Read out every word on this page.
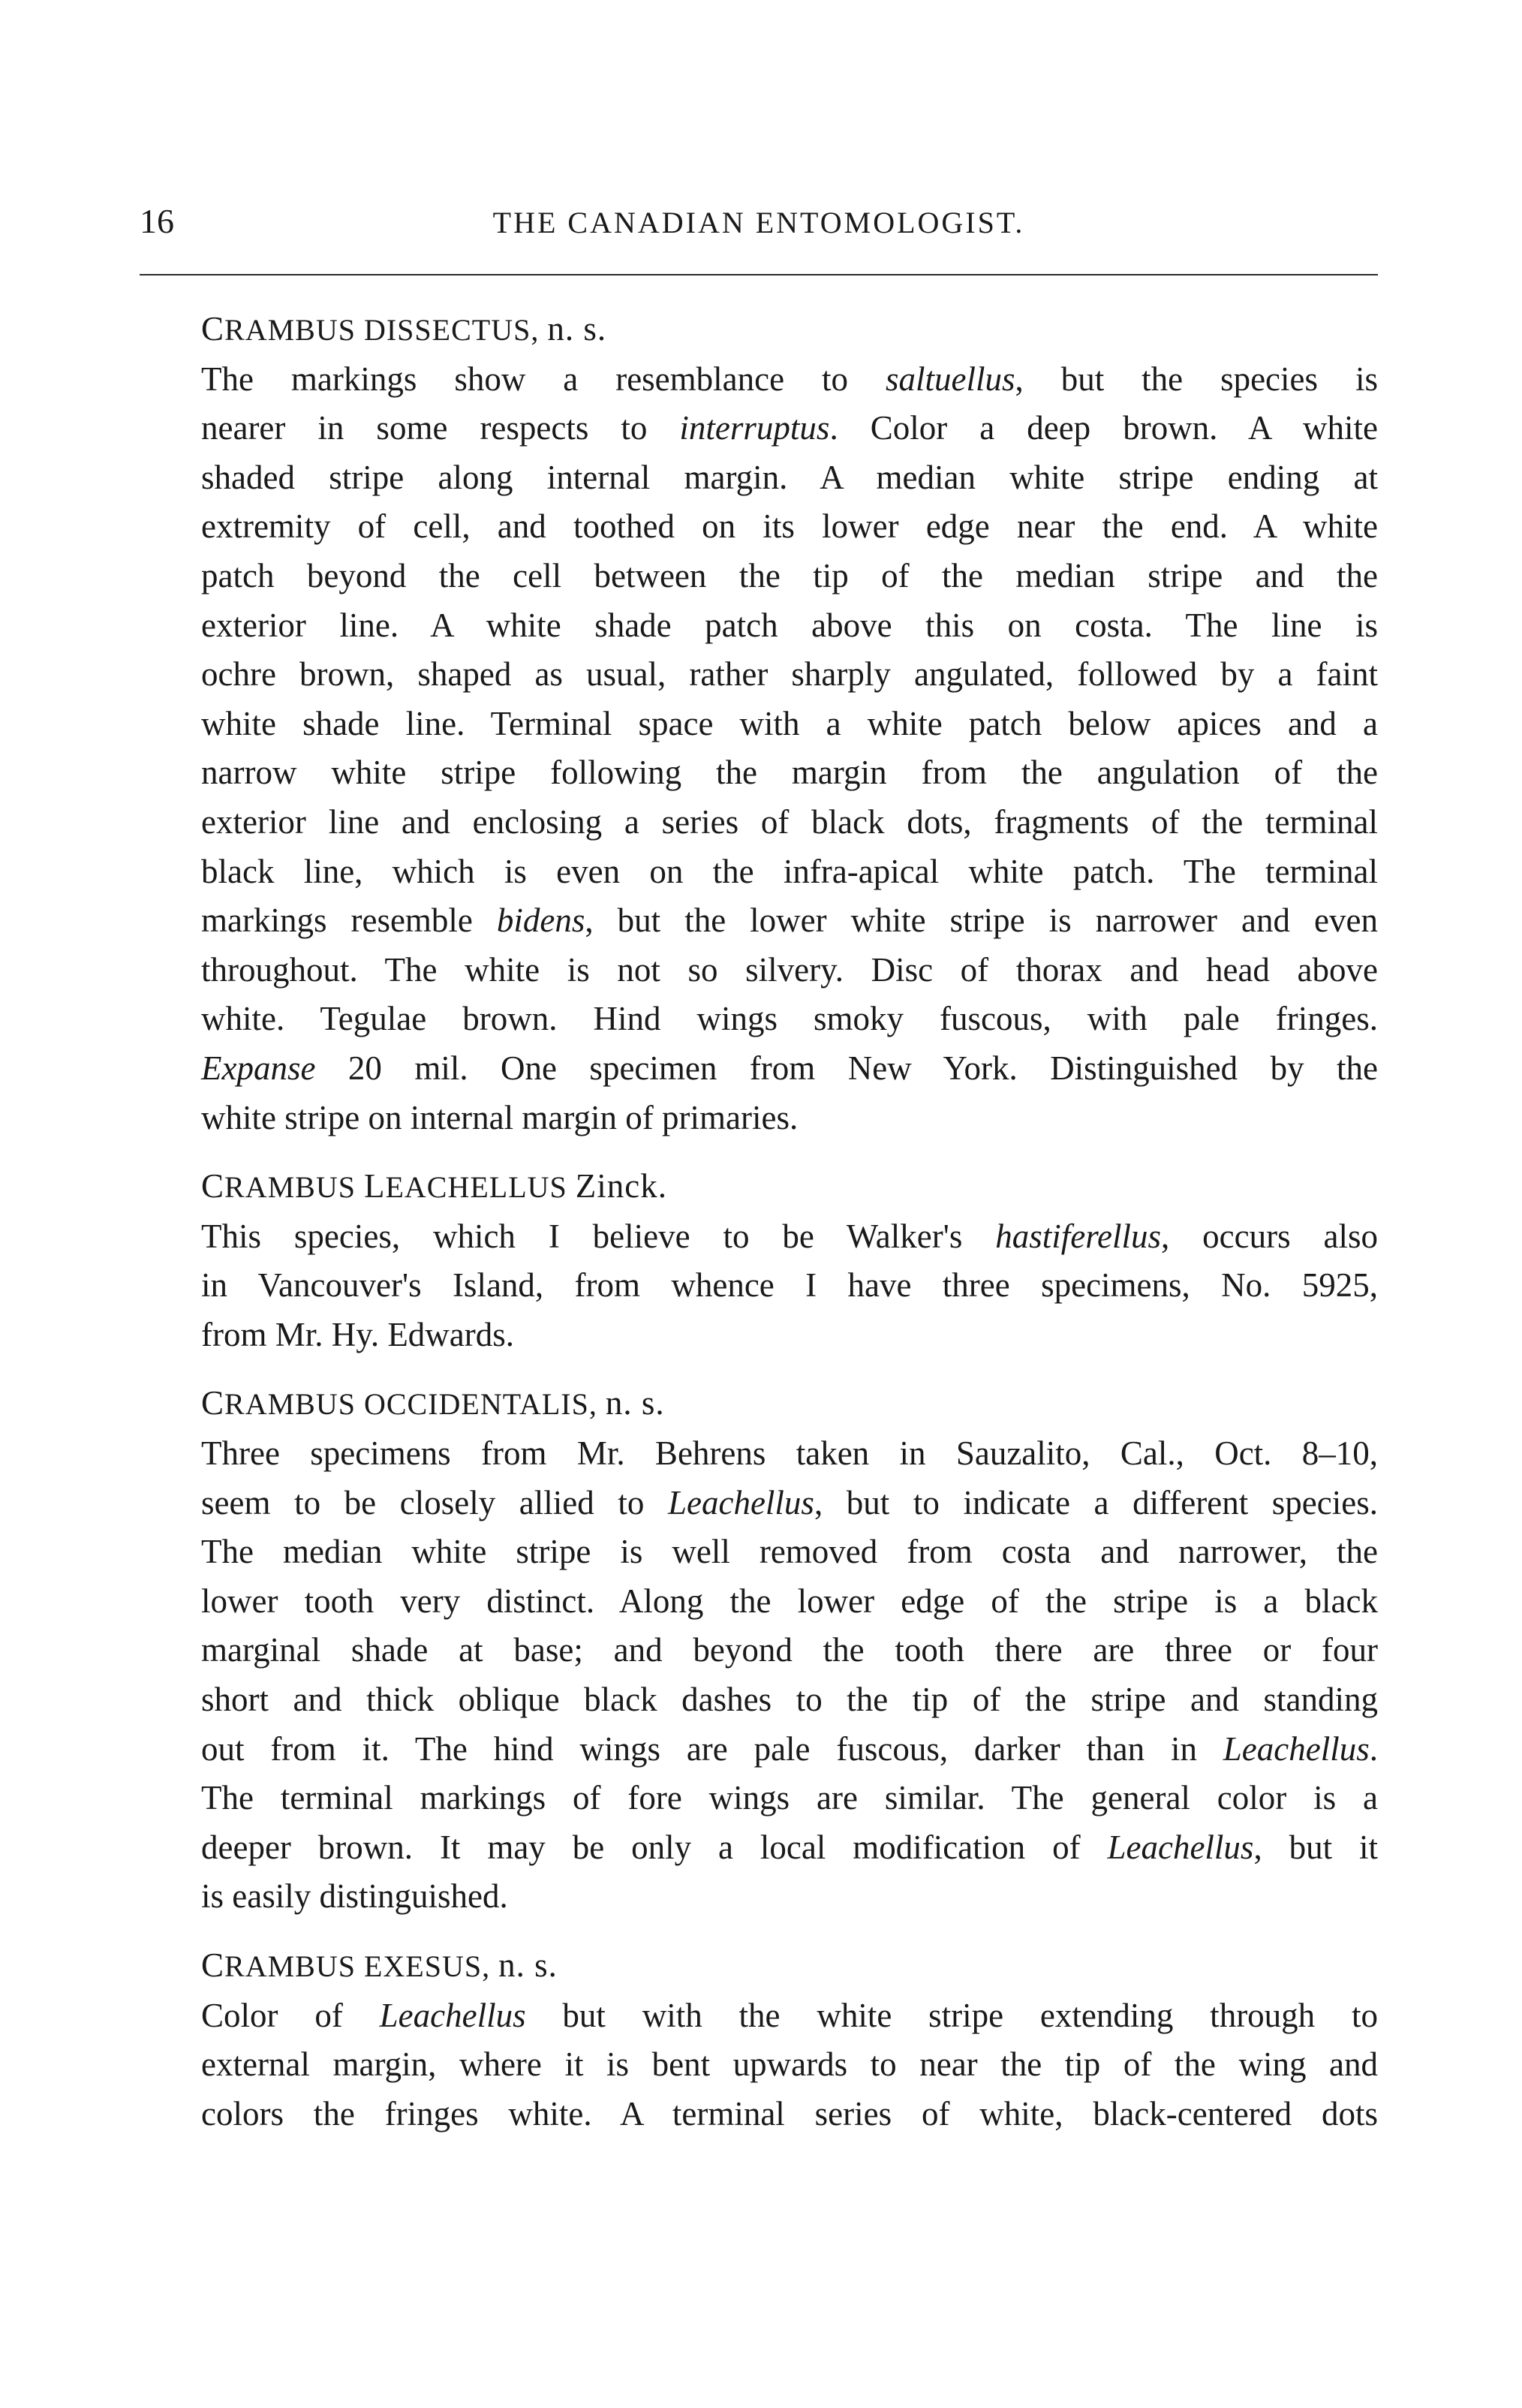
16	THE CANADIAN ENTOMOLOGIST.

CRAMBUS DISSECTUS, n. s.

The markings show a resemblance to saltuellus, but the species is
nearer in some respects to interruptus. Color a deep brown. A white
shaded stripe along internal margin. A median white stripe ending at
extremity of cell, and toothed on its lower edge near the end. A white
patch beyond the cell between the tip of the median stripe and the
exterior line. A white shade patch above this on costa. The line is
ochre brown, shaped as usual, rather sharply angulated, followed by a faint
white shade line. Terminal space with a white patch below apices and a
narrow white stripe following the margin from the angulation of the
exterior line and enclosing a series of black dots, fragments of the terminal
black line, which is even on the infra-apical white patch. The terminal
markings resemble bidens, but the lower white stripe is narrower and even
throughout. The white is not so silvery. Disc of thorax and head above
white. Tegulae brown. Hind wings smoky fuscous, with pale fringes.
Expanse 20 mil. One specimen from New York. Distinguished by the
white stripe on internal margin of primaries.

CRAMBUS LEACHELLUS Zinck.

This species, which I believe to be Walker's hastiferellus, occurs also
in Vancouver's Island, from whence I have three specimens, No. 5925,
from Mr. Hy. Edwards.

CRAMBUS OCCIDENTALIS, n. s.

Three specimens from Mr. Behrens taken in Sauzalito, Cal., Oct. 8–10,
seem to be closely allied to Leachellus, but to indicate a different species.
The median white stripe is well removed from costa and narrower, the
lower tooth very distinct. Along the lower edge of the stripe is a black
marginal shade at base; and beyond the tooth there are three or four
short and thick oblique black dashes to the tip of the stripe and standing
out from it. The hind wings are pale fuscous, darker than in Leachellus.
The terminal markings of fore wings are similar. The general color is a
deeper brown. It may be only a local modification of Leachellus, but it
is easily distinguished.

CRAMBUS EXESUS, n. s.

Color of Leachellus but with the white stripe extending through to
external margin, where it is bent upwards to near the tip of the wing and
colors the fringes white. A terminal series of white, black-centered dots
